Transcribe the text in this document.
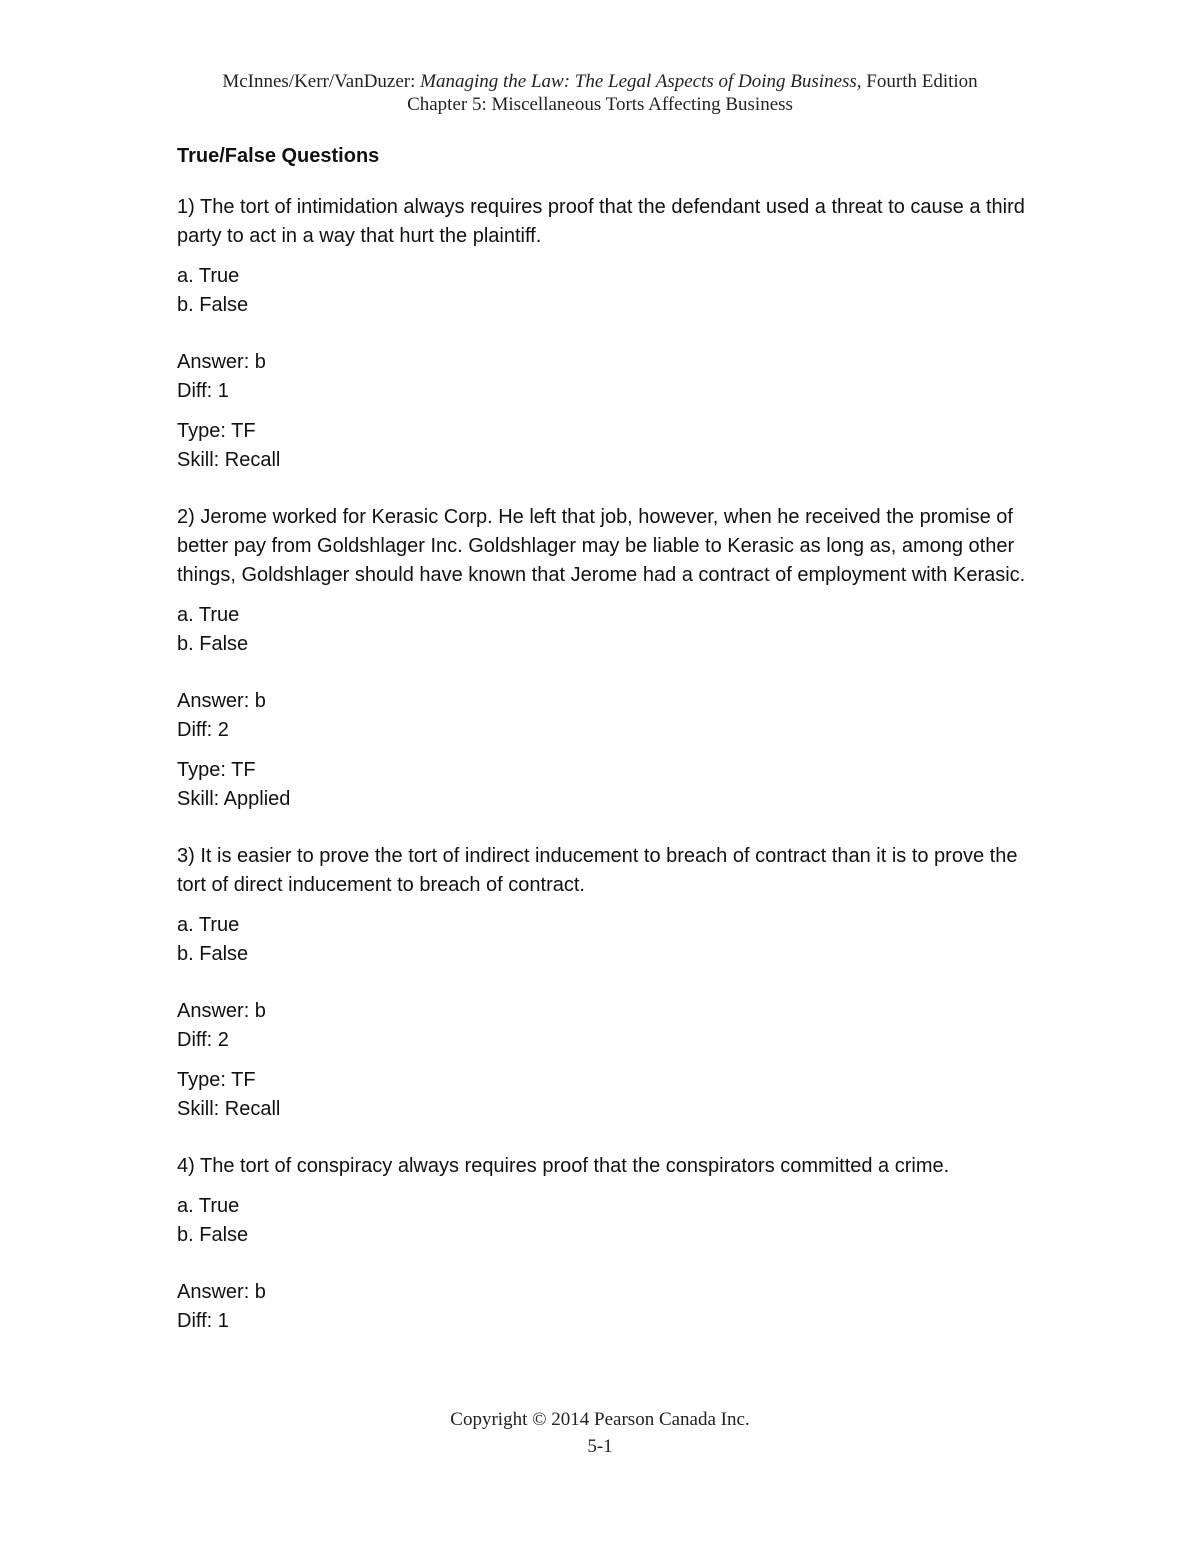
McInnes/Kerr/VanDuzer: Managing the Law: The Legal Aspects of Doing Business, Fourth Edition
Chapter 5: Miscellaneous Torts Affecting Business
True/False Questions
1) The tort of intimidation always requires proof that the defendant used a threat to cause a third party to act in a way that hurt the plaintiff.
a. True
b. False
Answer: b
Diff: 1
Type: TF
Skill: Recall
2) Jerome worked for Kerasic Corp. He left that job, however, when he received the promise of better pay from Goldshlager Inc. Goldshlager may be liable to Kerasic as long as, among other things, Goldshlager should have known that Jerome had a contract of employment with Kerasic.
a. True
b. False
Answer: b
Diff: 2
Type: TF
Skill: Applied
3) It is easier to prove the tort of indirect inducement to breach of contract than it is to prove the tort of direct inducement to breach of contract.
a. True
b. False
Answer: b
Diff: 2
Type: TF
Skill: Recall
4) The tort of conspiracy always requires proof that the conspirators committed a crime.
a. True
b. False
Answer: b
Diff: 1
Copyright © 2014 Pearson Canada Inc.
5-1
